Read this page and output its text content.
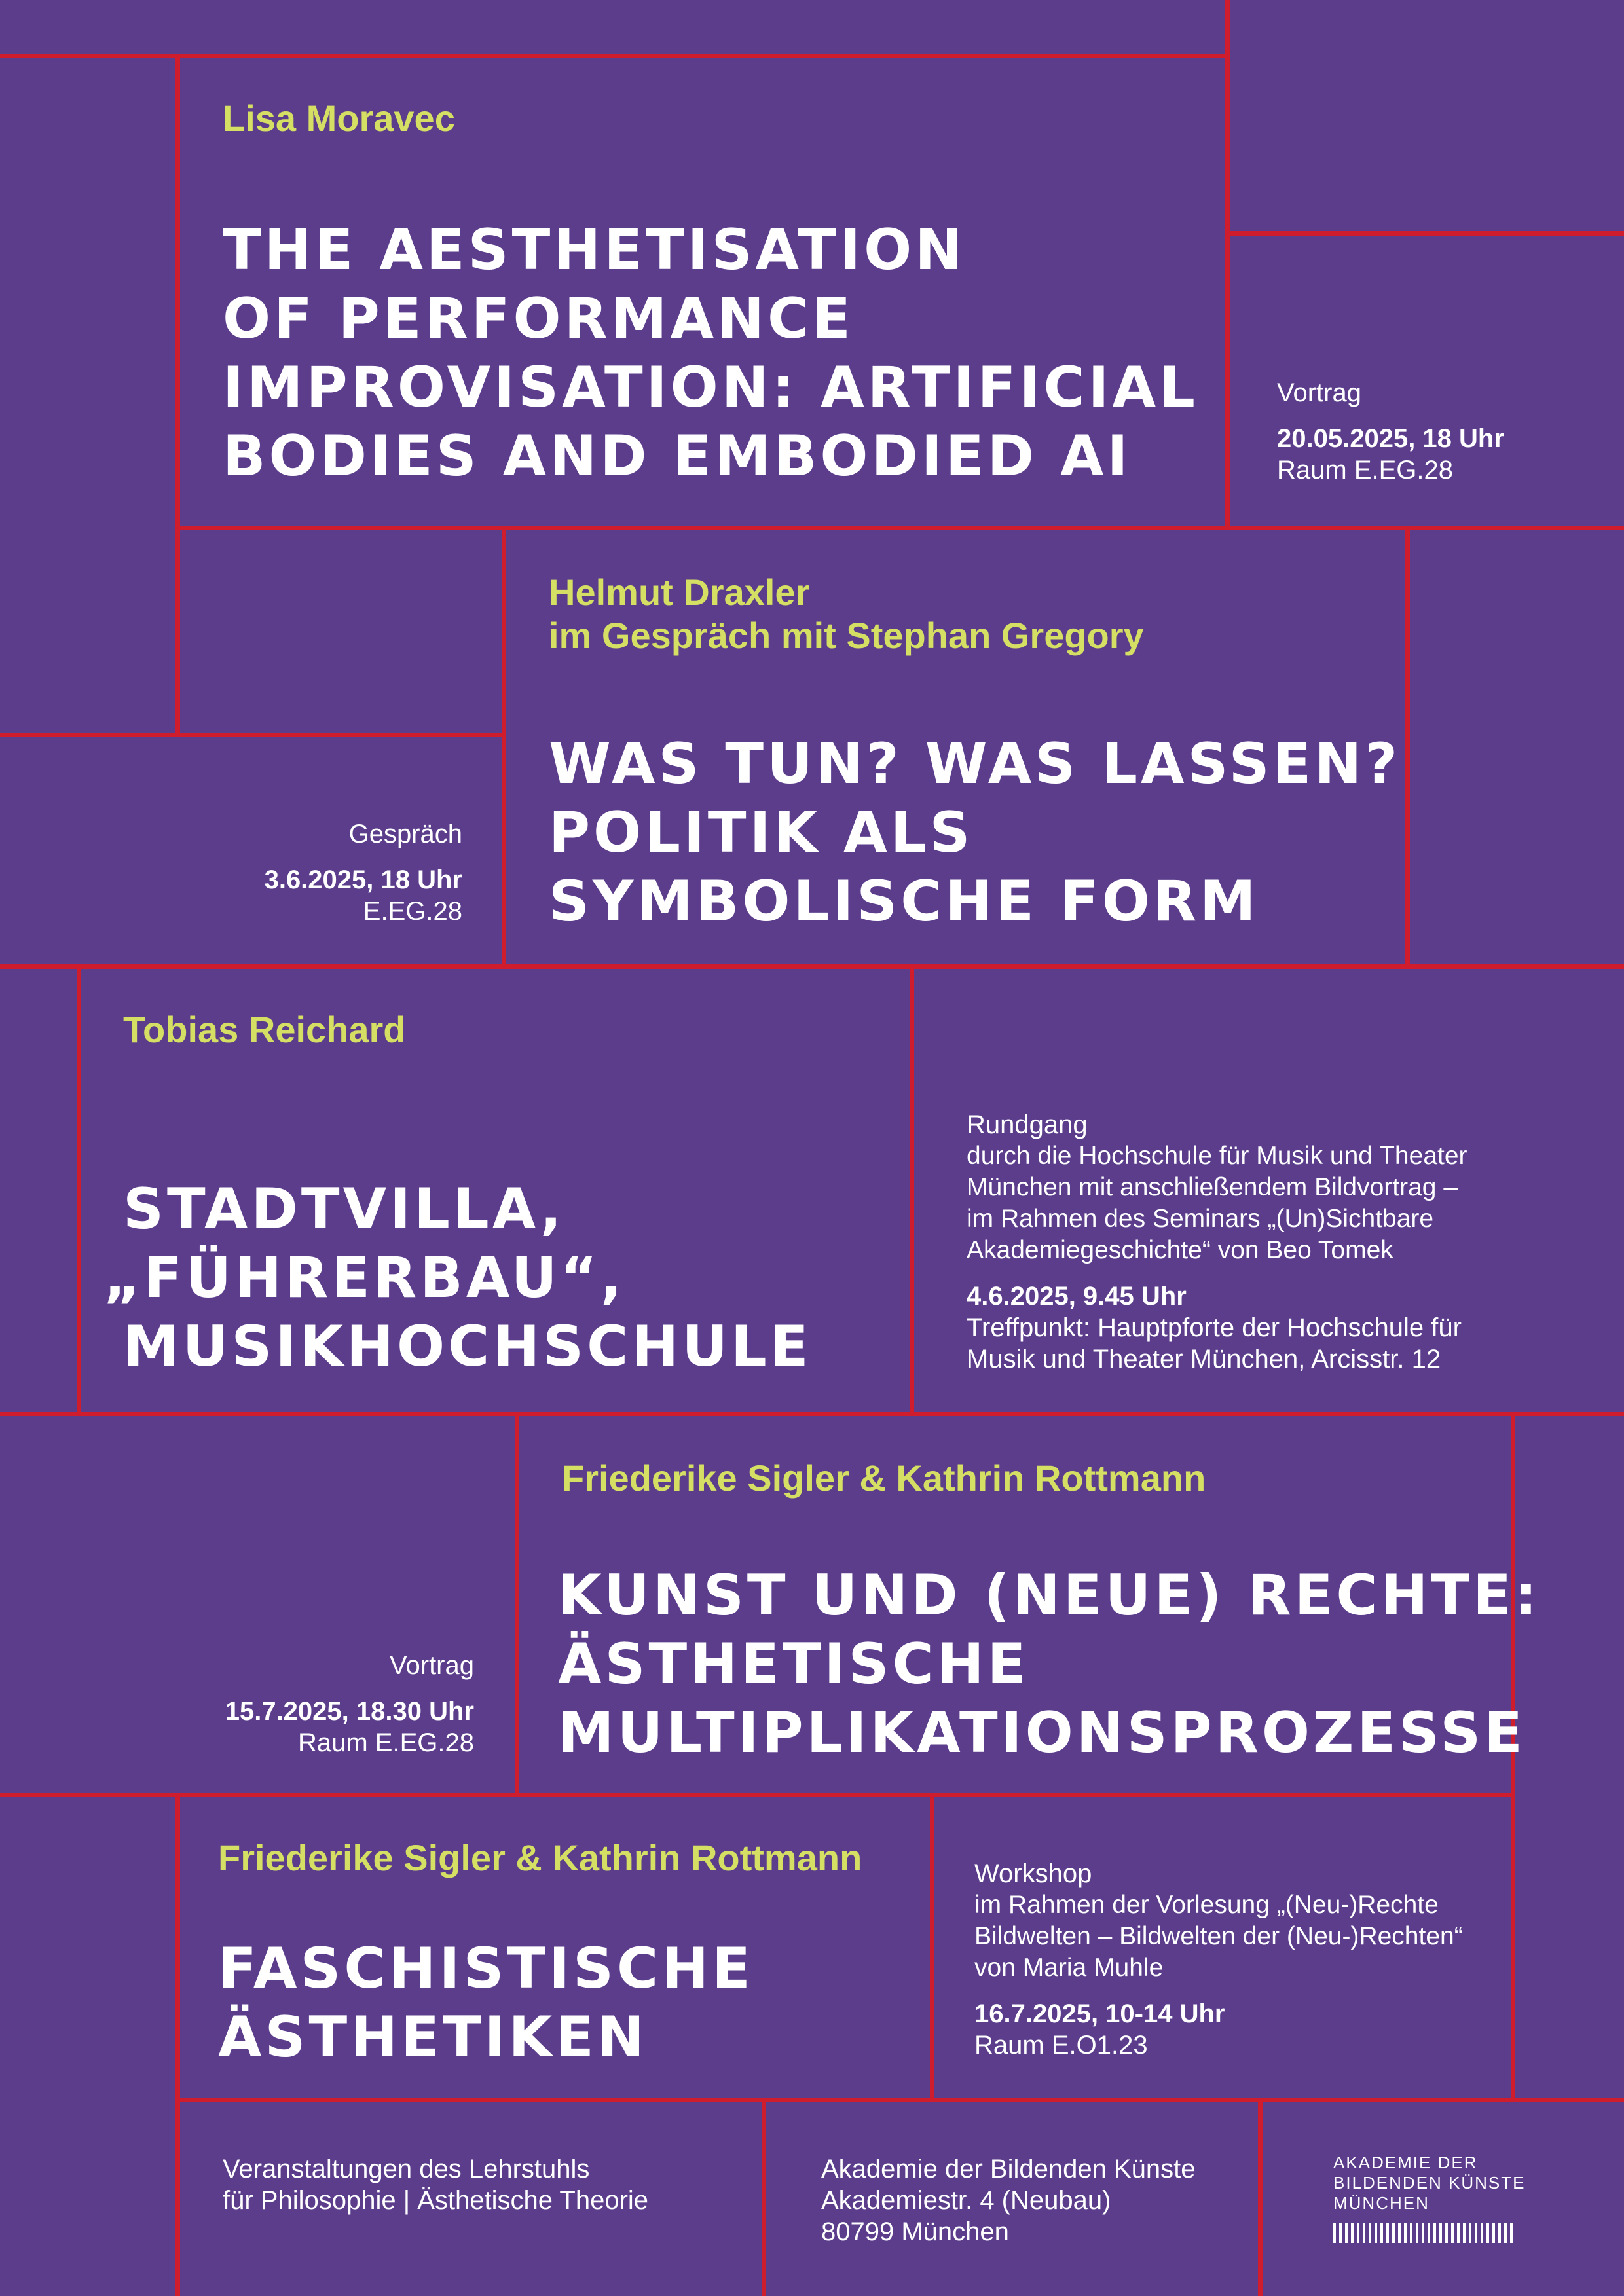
Lisa Moravec
THE AESTHETISATION
OF PERFORMANCE
IMPROVISATION: ARTIFICIAL
BODIES AND EMBODIED AI
Vortrag
20.05.2025, 18 Uhr
Raum E.EG.28
Helmut Draxler
im Gespräch mit Stephan Gregory
WAS TUN? WAS LASSEN?
POLITIK ALS
SYMBOLISCHE FORM
Gespräch
3.6.2025, 18 Uhr
E.EG.28
Tobias Reichard
STADTVILLA,
„FÜHRERBAU“,
MUSIKHOCHSCHULE
Rundgang
durch die Hochschule für Musik und Theater
München mit anschließendem Bildvortrag –
im Rahmen des Seminars „(Un)Sichtbare
Akademiegeschichte“ von Beo Tomek
4.6.2025, 9.45 Uhr
Treffpunkt: Hauptpforte der Hochschule für
Musik und Theater München, Arcisstr. 12
Friederike Sigler & Kathrin Rottmann
KUNST UND (NEUE) RECHTE:
ÄSTHETISCHE
MULTIPLIKATIONSPROZESSE
Vortrag
15.7.2025, 18.30 Uhr
Raum E.EG.28
Friederike Sigler & Kathrin Rottmann
FASCHISTISCHE
ÄSTHETIKEN
Workshop
im Rahmen der Vorlesung „(Neu-)Rechte
Bildwelten – Bildwelten der (Neu-)Rechten“
von Maria Muhle
16.7.2025, 10-14 Uhr
Raum E.O1.23
Veranstaltungen des Lehrstuhls
für Philosophie | Ästhetische Theorie
Akademie der Bildenden Künste
Akademiestr. 4 (Neubau)
80799 München
AKADEMIE DER
BILDENDEN KÜNSTE
MÜNCHEN
